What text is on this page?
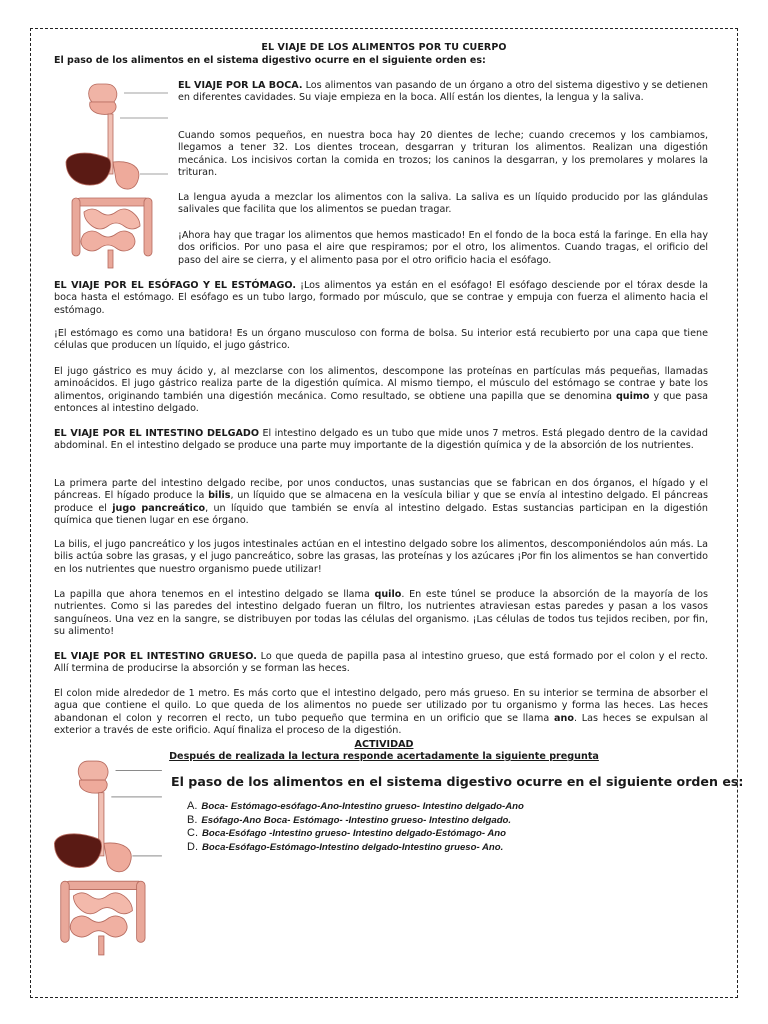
EL VIAJE DE LOS ALIMENTOS POR TU CUERPO
El paso de los alimentos en el sistema digestivo ocurre en el siguiente orden es:

EL VIAJE POR LA BOCA. Los alimentos van pasando de un órgano a otro del sistema digestivo y se detienen en diferentes cavidades. Su viaje empieza en la boca. Allí están los dientes, la lengua y la saliva.

Cuando somos pequeños, en nuestra boca hay 20 dientes de leche; cuando crecemos y los cambiamos, llegamos a tener 32. Los dientes trocean, desgarran y trituran los alimentos. Realizan una digestión mecánica. Los incisivos cortan la comida en trozos; los caninos la desgarran, y los premolares y molares la trituran.

La lengua ayuda a mezclar los alimentos con la saliva. La saliva es un líquido producido por las glándulas salivales que facilita que los alimentos se puedan tragar.

¡Ahora hay que tragar los alimentos que hemos masticado! En el fondo de la boca está la faringe. En ella hay dos orificios. Por uno pasa el aire que respiramos; por el otro, los alimentos. Cuando tragas, el orificio del paso del aire se cierra, y el alimento pasa por el otro orificio hacia el esófago.

EL VIAJE POR EL ESÓFAGO Y EL ESTÓMAGO. ¡Los alimentos ya están en el esófago! El esófago desciende por el tórax desde la boca hasta el estómago. El esófago es un tubo largo, formado por músculo, que se contrae y empuja con fuerza el alimento hacia el estómago.

¡El estómago es como una batidora! Es un órgano musculoso con forma de bolsa. Su interior está recubierto por una capa que tiene células que producen un líquido, el jugo gástrico.

El jugo gástrico es muy ácido y, al mezclarse con los alimentos, descompone las proteínas en partículas más pequeñas, llamadas aminoácidos. El jugo gástrico realiza parte de la digestión química. Al mismo tiempo, el músculo del estómago se contrae y bate los alimentos, originando también una digestión mecánica. Como resultado, se obtiene una papilla que se denomina quimo y que pasa entonces al intestino delgado.

EL VIAJE POR EL INTESTINO DELGADO El intestino delgado es un tubo que mide unos 7 metros. Está plegado dentro de la cavidad abdominal. En el intestino delgado se produce una parte muy importante de la digestión química y de la absorción de los nutrientes.

La primera parte del intestino delgado recibe, por unos conductos, unas sustancias que se fabrican en dos órganos, el hígado y el páncreas. El hígado produce la bilis, un líquido que se almacena en la vesícula biliar y que se envía al intestino delgado. El páncreas produce el jugo pancreático, un líquido que también se envía al intestino delgado. Estas sustancias participan en la digestión química que tienen lugar en ese órgano.

La bilis, el jugo pancreático y los jugos intestinales actúan en el intestino delgado sobre los alimentos, descomponiéndolos aún más. La bilis actúa sobre las grasas, y el jugo pancreático, sobre las grasas, las proteínas y los azúcares ¡Por fin los alimentos se han convertido en los nutrientes que nuestro organismo puede utilizar!

La papilla que ahora tenemos en el intestino delgado se llama quilo. En este túnel se produce la absorción de la mayoría de los nutrientes. Como si las paredes del intestino delgado fueran un filtro, los nutrientes atraviesan estas paredes y pasan a los vasos sanguíneos. Una vez en la sangre, se distribuyen por todas las células del organismo. ¡Las células de todos tus tejidos reciben, por fin, su alimento!

EL VIAJE POR EL INTESTINO GRUESO. Lo que queda de papilla pasa al intestino grueso, que está formado por el colon y el recto. Allí termina de producirse la absorción y se forman las heces.

El colon mide alrededor de 1 metro. Es más corto que el intestino delgado, pero más grueso. En su interior se termina de absorber el agua que contiene el quilo. Lo que queda de los alimentos no puede ser utilizado por tu organismo y forma las heces. Las heces abandonan el colon y recorren el recto, un tubo pequeño que termina en un orificio que se llama ano. Las heces se expulsan al exterior a través de este orificio. Aquí finaliza el proceso de la digestión.

ACTIVIDAD
Después de realizada la lectura responde acertadamente la siguiente pregunta
El paso de los alimentos en el sistema digestivo ocurre en el siguiente orden es:
A. Boca- Estómago-esófago-Ano-Intestino grueso- Intestino delgado-Ano
B. Esófago-Ano Boca- Estómago- -Intestino grueso- Intestino delgado.
C. Boca-Esófago -Intestino grueso- Intestino delgado-Estómago- Ano
D. Boca-Esófago-Estómago-Intestino delgado-Intestino grueso- Ano.
